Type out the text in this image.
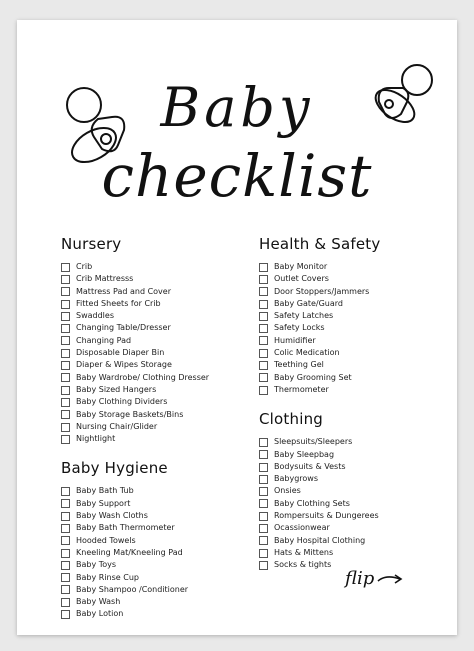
Baby
checklist
Nursery
Crib
Crib Mattresss
Mattress Pad and Cover
Fitted Sheets for Crib
Swaddles
Changing Table/Dresser
Changing Pad
Disposable Diaper Bin
Diaper & Wipes Storage
Baby Wardrobe/ Clothing Dresser
Baby Sized Hangers
Baby Clothing Dividers
Baby Storage Baskets/Bins
Nursing Chair/Glider
Nightlight
Baby Hygiene
Baby Bath Tub
Baby Support
Baby Wash Cloths
Baby Bath Thermometer
Hooded Towels
Kneeling Mat/Kneeling Pad
Baby Toys
Baby Rinse Cup
Baby Shampoo /Conditioner
Baby Wash
Baby Lotion
Health & Safety
Baby Monitor
Outlet Covers
Door Stoppers/Jammers
Baby Gate/Guard
Safety Latches
Safety Locks
Humidifier
Colic Medication
Teething Gel
Baby Grooming Set
Thermometer
Clothing
Sleepsuits/Sleepers
Baby Sleepbag
Bodysuits & Vests
Babygrows
Onsies
Baby Clothing Sets
Rompersuits & Dungerees
Ocassionwear
Baby Hospital Clothing
Hats & Mittens
Socks & tights
flip
